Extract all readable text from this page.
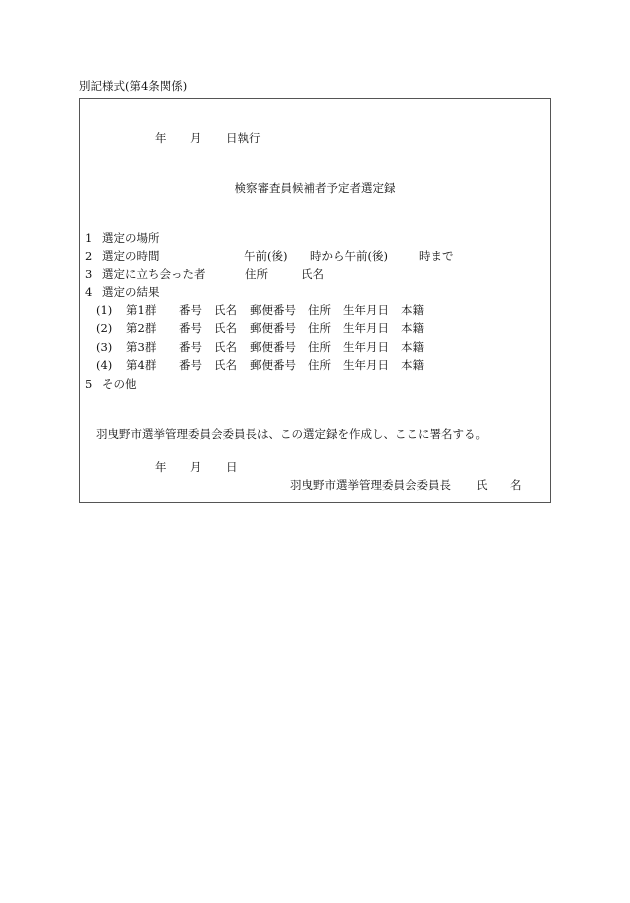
別記様式(第4条関係)
年 月 日執行
検察審査員候補者予定者選定録
1 選定の場所
2 選定の時間	午前(後) 時から午前(後)	時まで
3 選定に立ち会った者	住所	氏名
4 選定の結果
(1) 第1群 番号 氏名 郵便番号 住所 生年月日 本籍
(2) 第2群 番号 氏名 郵便番号 住所 生年月日 本籍
(3) 第3群 番号 氏名 郵便番号 住所 生年月日 本籍
(4) 第4群 番号 氏名 郵便番号 住所 生年月日 本籍
5 その他
羽曳野市選挙管理委員会委員長は、この選定録を作成し、ここに署名する。
年 月 日
羽曳野市選挙管理委員会委員長 氏 名
